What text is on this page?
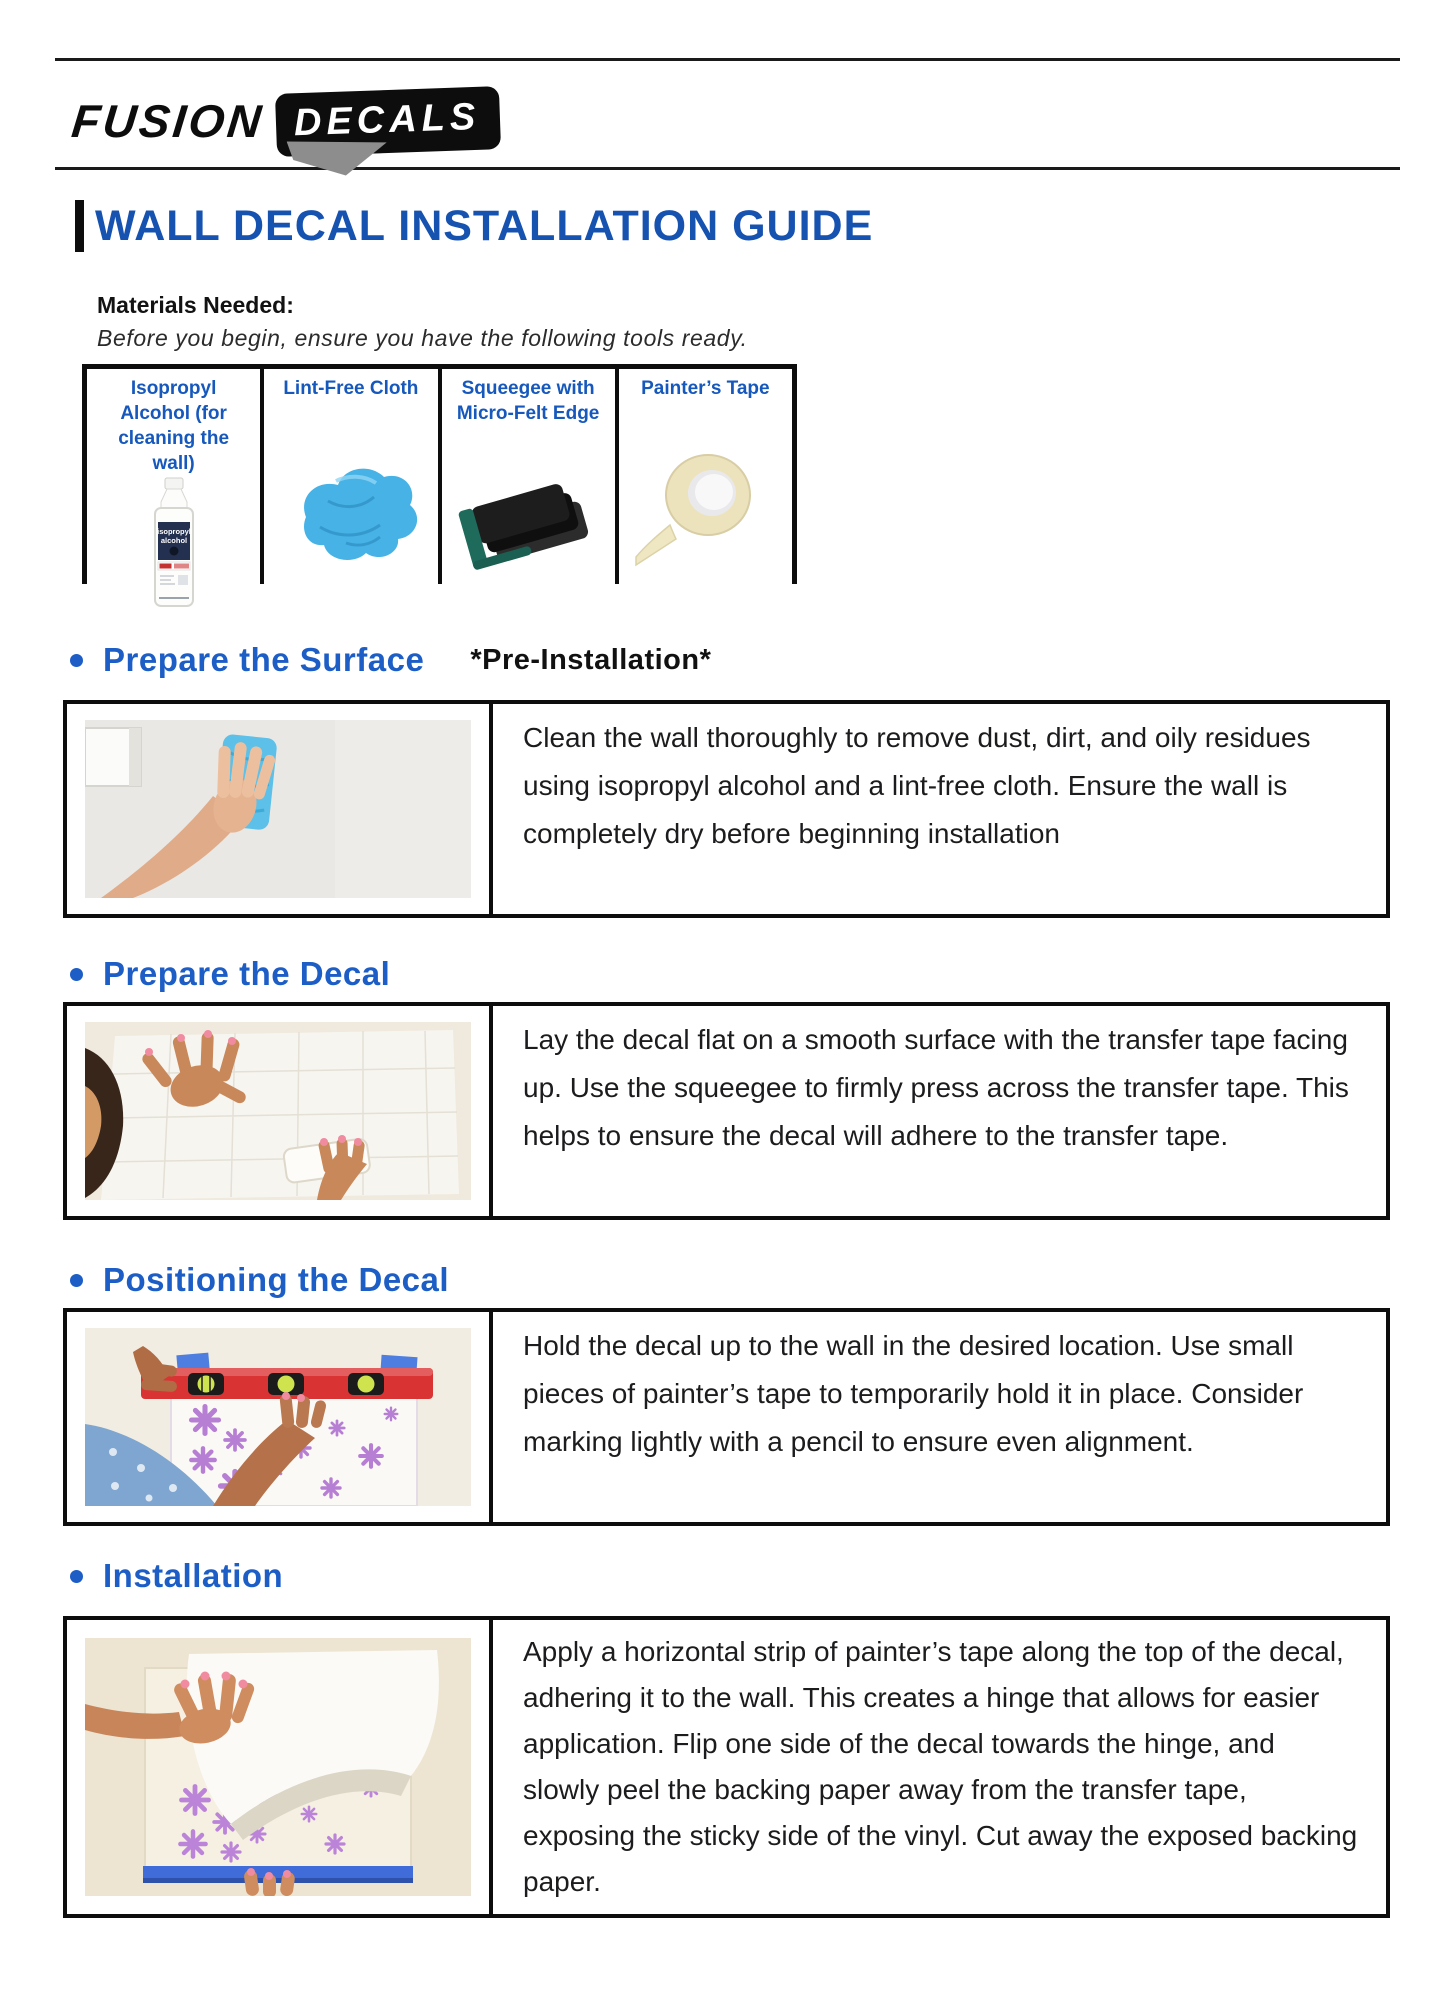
FUSION DECALS
WALL DECAL INSTALLATION GUIDE
Materials Needed:
Before you begin, ensure you have the following tools ready.
Isopropyl Alcohol (for cleaning the wall)
isopropyl
alcohol
Lint-Free Cloth	Squeegee with Micro-Felt Edge
Painter’s Tape
Prepare the Surface *Pre-Installation*
Clean the wall thoroughly to remove dust, dirt, and oily residues using isopropyl alcohol and a lint-free cloth. Ensure the wall is completely dry before beginning installation
Prepare the Decal
Lay the decal flat on a smooth surface with the transfer tape facing up. Use the squeegee to firmly press across the transfer tape. This helps to ensure the decal will adhere to the transfer tape.
Positioning the Decal
Hold the decal up to the wall in the desired location. Use small pieces of painter’s tape to temporarily hold it in place. Consider marking lightly with a pencil to ensure even alignment.
Installation
Apply a horizontal strip of painter’s tape along the top of the decal, adhering it to the wall. This creates a hinge that allows for easier application. Flip one side of the decal towards the hinge, and slowly peel the backing paper away from the transfer tape, exposing the sticky side of the vinyl. Cut away the exposed backing paper.
